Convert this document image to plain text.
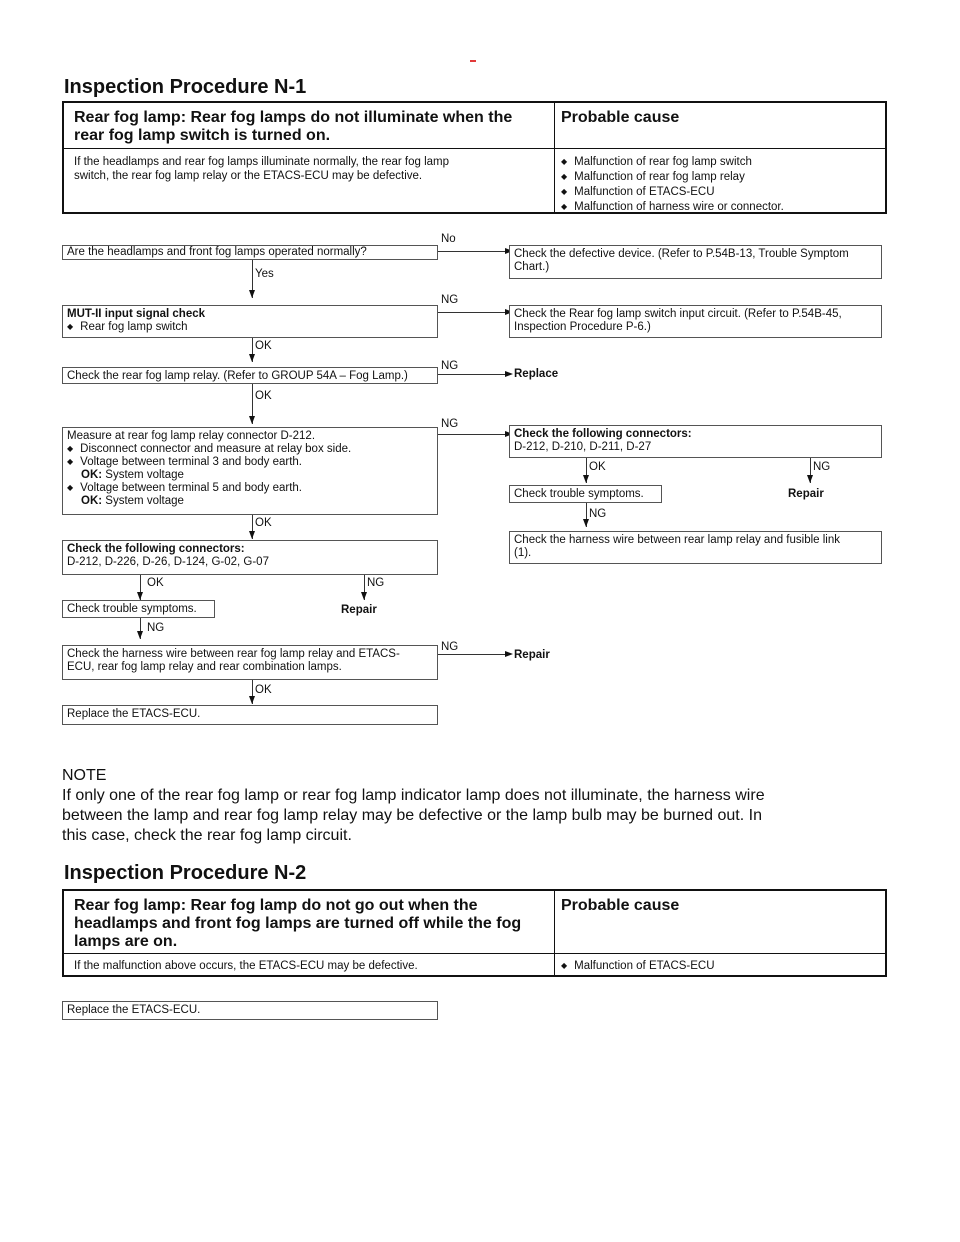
Inspection Procedure N-1
Rear fog lamp: Rear fog lamps do not illuminate when the
rear fog lamp switch is turned on.
Probable cause
If the headlamps and rear fog lamps illuminate normally, the rear fog lamp
switch, the rear fog lamp relay or the ETACS-ECU may be defective.
◆ Malfunction of rear fog lamp switch
◆ Malfunction of rear fog lamp relay
◆ Malfunction of ETACS-ECU
◆ Malfunction of harness wire or connector.
Are the headlamps and front fog lamps operated normally?	Check the defective device. (Refer to P.54B-13, Trouble Symptom
Chart.)
MUT-II input signal check
◆ Rear fog lamp switch
Check the Rear fog lamp switch input circuit. (Refer to P.54B-45,
Inspection Procedure P-6.)
Check the rear fog lamp relay. (Refer to GROUP 54A – Fog Lamp.)
Measure at rear fog lamp relay connector D-212.
◆ Disconnect connector and measure at relay box side.
◆ Voltage between terminal 3 and body earth.
OK: System voltage
◆ Voltage between terminal 5 and body earth.
OK: System voltage
Check the following connectors:
D-212, D-210, D-211, D-27
Check trouble symptoms.
Check the harness wire between rear lamp relay and fusible link
(1).
Check the following connectors:
D-212, D-226, D-26, D-124, G-02, G-07
Check trouble symptoms.
Check the harness wire between rear fog lamp relay and ETACS-
ECU, rear fog lamp relay and rear combination lamps.
Replace the ETACS-ECU.
No
Yes
NG
OK
NG
Replace
OK
NG
OK	NG
Repair
NG
OK
OK	NG
Repair
NG
NG
Repair
OK
NOTE
If only one of the rear fog lamp or rear fog lamp indicator lamp does not illuminate, the harness wire
between the lamp and rear fog lamp relay may be defective or the lamp bulb may be burned out. In
this case, check the rear fog lamp circuit.
Inspection Procedure N-2
Rear fog lamp: Rear fog lamp do not go out when the
headlamps and front fog lamps are turned off while the fog
lamps are on.
Probable cause
If the malfunction above occurs, the ETACS-ECU may be defective.
◆	Malfunction of ETACS-ECU
Replace the ETACS-ECU.
